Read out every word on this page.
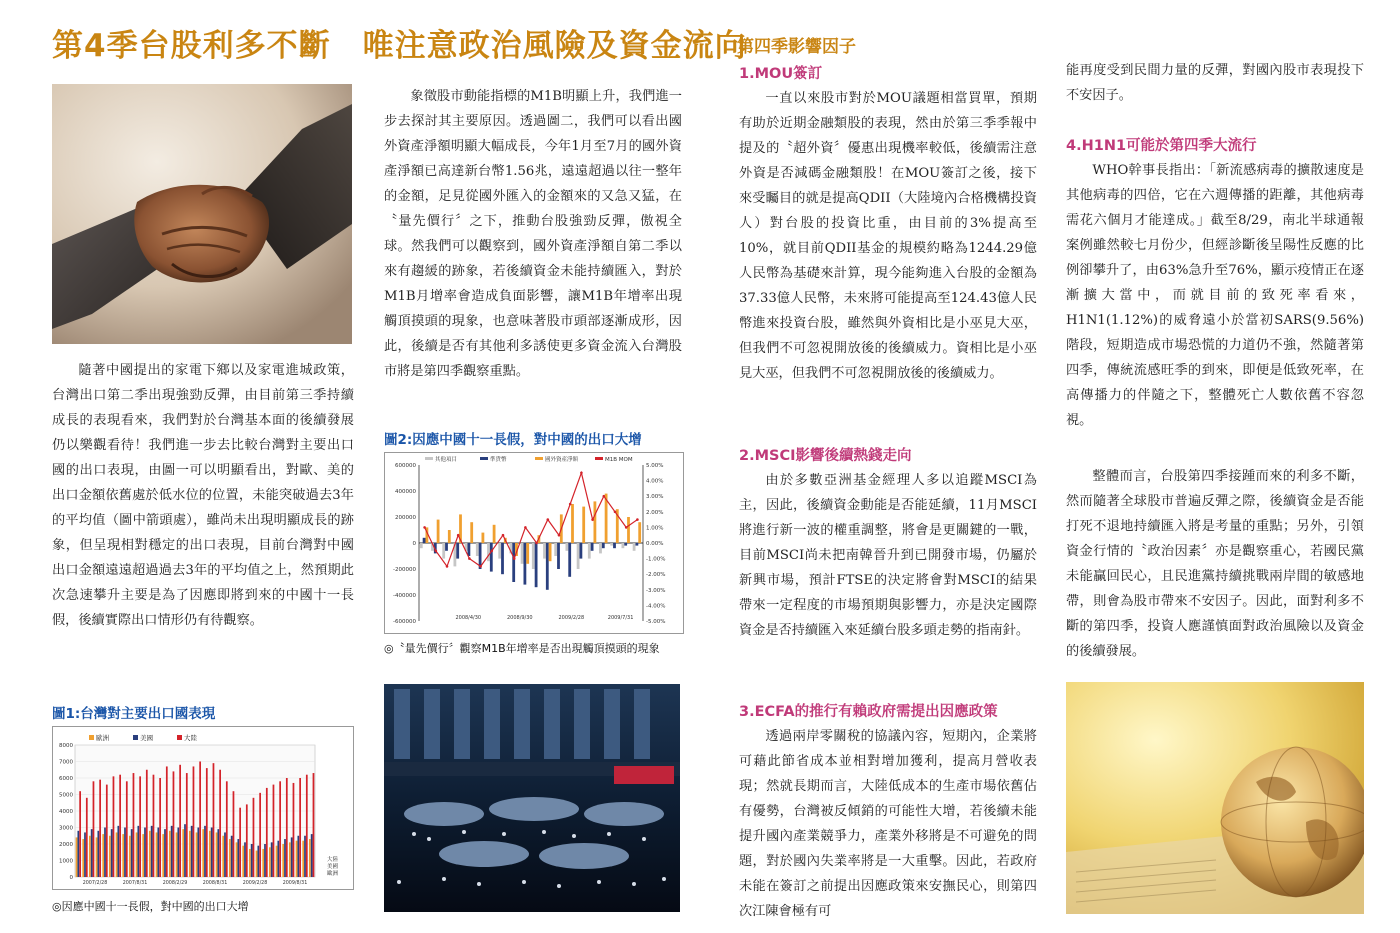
第4季台股利多不斷　唯注意政治風險及資金流向

隨著中國提出的家電下鄉以及家電進城政策，台灣出口第二季出現強勁反彈，由目前第三季持續成長的表現看來，我們對於台灣基本面的後續發展仍以樂觀看待！我們進一步去比較台灣對主要出口國的出口表現，由圖一可以明顯看出，對歐、美的出口金額依舊處於低水位的位置，未能突破過去3年的平均值（圖中箭頭處），雖尚未出現明顯成長的跡象，但呈現相對穩定的出口表現，目前台灣對中國出口金額遠遠超過過去3年的平均值之上，然預期此次急速攀升主要是為了因應即將到來的中國十一長假，後續實際出口情形仍有待觀察。

圖1:台灣對主要出口國表現
8000
7000
6000
5000
4000
3000
2000
1000
0
歐洲	美國	大陸
2007/2/28	2007/8/31	2008/2/29	2008/8/31	2009/2/28	2009/8/31
大陸
美國
歐洲
◎因應中國十一長假，對中國的出口大增

象徵股市動能指標的M1B明顯上升，我們進一步去探討其主要原因。透過圖二，我們可以看出國外資產淨額明顯大幅成長，今年1月至7月的國外資產淨額已高達新台幣1.56兆，遠遠超過以往一整年的金額，足見從國外匯入的金額來的又急又猛，在〝量先價行〞之下，推動台股強勁反彈，傲視全球。然我們可以觀察到，國外資產淨額自第二季以來有趨緩的跡象，若後續資金未能持續匯入，對於M1B月增率會造成負面影響，讓M1B年增率出現觸頂摸頭的現象，也意味著股市頭部逐漸成形，因此，後續是否有其他利多誘使更多資金流入台灣股市將是第四季觀察重點。

圖2:因應中國十一長假，對中國的出口大增
600000
400000
200000
0
-200000
-400000
-600000
5.00%
4.00%
3.00%
2.00%
1.00%
0.00%
-1.00%
-2.00%
-3.00%
-4.00%
-5.00%
其他項目	準貨幣	國外資產淨額	M1B MOM
2008/4/30	2008/9/30	2009/2/28	2009/7/31
◎〝量先價行〞觀察M1B年增率是否出現觸頂摸頭的現象
第四季影響因子
1.MOU簽訂

一直以來股市對於MOU議題相當買單，預期有助於近期金融類股的表現，然由於第三季季報中提及的〝超外資〞優惠出現機率較低，後續需注意外資是否減碼金融類股！在MOU簽訂之後，接下來受矚目的就是提高QDII（大陸境內合格機構投資人）對台股的投資比重，由目前的3%提高至10%，就目前QDII基金的規模約略為1244.29億人民幣為基礎來計算，現今能夠進入台股的金額為37.33億人民幣，未來將可能提高至124.43億人民幣進來投資台股，雖然與外資相比是小巫見大巫，但我們不可忽視開放後的後續威力。資相比是小巫見大巫，但我們不可忽視開放後的後續威力。

2.MSCI影響後續熱錢走向

由於多數亞洲基金經理人多以追蹤MSCI為主，因此，後續資金動能是否能延續，11月MSCI將進行新一波的權重調整，將會是更關鍵的一戰，目前MSCI尚未把南韓晉升到已開發市場，仍屬於新興市場，預計FTSE的決定將會對MSCI的結果帶來一定程度的市場預期與影響力，亦是決定國際資金是否持續匯入來延續台股多頭走勢的指南針。

3.ECFA的推行有賴政府需提出因應政策

透過兩岸零關稅的協議內容，短期內，企業將可藉此節省成本並相對增加獲利，提高月營收表現；然就長期而言，大陸低成本的生產市場依舊佔有優勢，台灣被反傾銷的可能性大增，若後續未能提升國內產業競爭力，產業外移將是不可避免的問題，對於國內失業率將是一大重擊。因此，若政府未能在簽訂之前提出因應政策來安撫民心，則第四次江陳會極有可

能再度受到民間力量的反彈，對國內股市表現投下不安因子。

4.H1N1可能於第四季大流行

WHO幹事長指出：「新流感病毒的擴散速度是其他病毒的四倍，它在六週傳播的距離，其他病毒需花六個月才能達成。」截至8/29，南北半球通報案例雖然較七月份少，但經診斷後呈陽性反應的比例卻攀升了，由63%急升至76%，顯示疫情正在逐漸擴大當中，而就目前的致死率看來，H1N1(1.12%)的威脅遠小於當初SARS(9.56%)階段，短期造成市場恐慌的力道仍不強，然隨著第四季，傳統流感旺季的到來，即便是低致死率，在高傳播力的伴隨之下，整體死亡人數依舊不容忽視。

整體而言，台股第四季接踵而來的利多不斷，然而隨著全球股市普遍反彈之際，後續資金是否能打死不退地持續匯入將是考量的重點；另外，引領資金行情的〝政治因素〞亦是觀察重心，若國民黨未能贏回民心，且民進黨持續挑戰兩岸間的敏感地帶，則會為股市帶來不安因子。因此，面對利多不斷的第四季，投資人應謹慎面對政治風險以及資金的後續發展。
